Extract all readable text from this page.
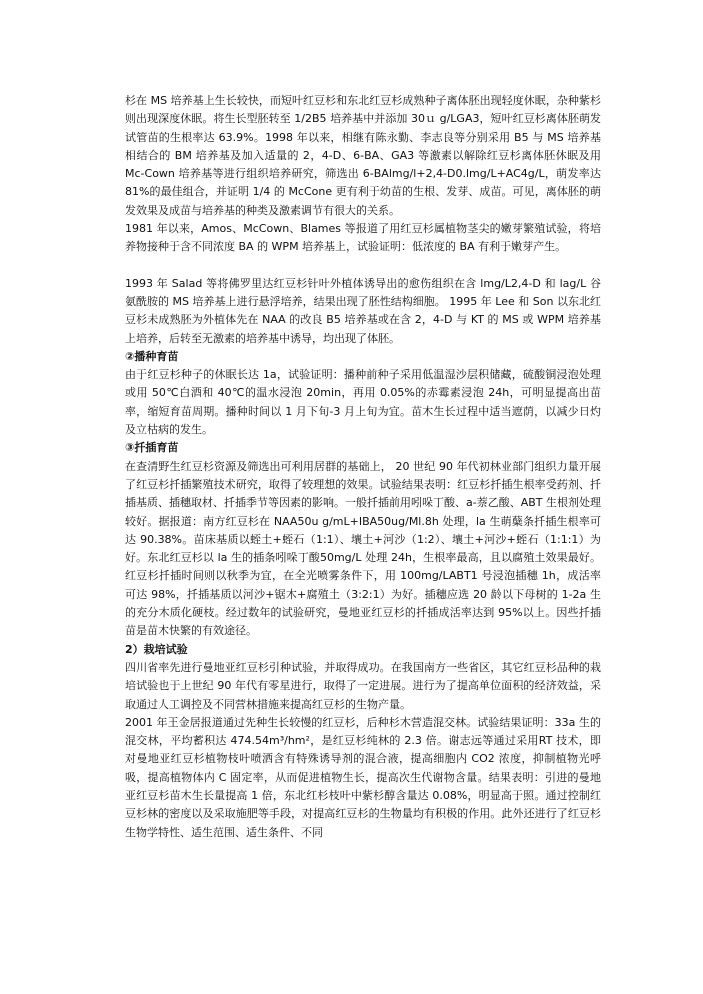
杉在 MS 培养基上生长较快，而短叶红豆杉和东北红豆杉成熟种子离体胚出现轻度休眠，杂种紫杉则出现深度休眠。将生长型胚转至 1/2B5 培养基中并添加 30ｕ g/LGA3，短叶红豆杉离体胚萌发试管苗的生根率达 63.9%。1998 年以来，相继有陈永勤、李志良等分别采用 B5 与 MS 培养基相结合的 BM 培养基及加入适量的 2，4-D、6-BA、GA3 等激素以解除红豆杉离体胚休眠及用 Mc-Cown 培养基等进行组织培养研究，筛选出 6-BAlmg/l+2,4-D0.lmg/L+AC4g/L，萌发率达 81%的最佳组合，并证明 1/4 的 McCone 更有利于幼苗的生根、发芽、成苗。可见，离体胚的萌发效果及成苗与培养基的种类及激素调节有很大的关系。

1981 年以来，Amos、McCown、Blames 等报道了用红豆杉属植物茎尖的嫩芽繁殖试验，将培养物接种于含不同浓度 BA 的 WPM 培养基上，试验证明：低浓度的 BA 有利于嫩芽产生。

1993 年 Salad 等将佛罗里达红豆杉针叶外植体诱导出的愈伤组织在含 lmg/L2,4-D 和 lag/L 谷氨酰胺的 MS 培养基上进行悬浮培养，结果出现了胚性结构细胞。 1995 年 Lee 和 Son 以东北红豆杉未成熟胚为外植体先在 NAA 的改良 B5 培养基或在含 2，4-D 与 KT 的 MS 或 WPM 培养基上培养，后转至无激素的培养基中诱导，均出现了体胚。

②播种育苗

由于红豆杉种子的休眠长达 1a，试验证明：播种前种子采用低温湿沙层积储藏，硫酸铜浸泡处理或用 50℃白酒和 40℃的温水浸泡 20min，再用 0.05%的赤霉素浸泡 24h，可明显提高出苗率，缩短育苗周期。播种时间以 1 月下旬-3 月上旬为宜。苗木生长过程中适当遮荫，以减少日灼及立枯病的发生。

③扦插育苗

在查清野生红豆杉资源及筛选出可利用居群的基础上， 20 世纪 90 年代初林业部门组织力量开展了红豆杉扦插繁殖技术研究，取得了较理想的效果。试验结果表明：红豆杉扦插生根率受药剂、扦插基质、插穗取材、扦插季节等因素的影响。一般扦插前用吲哚丁酸、a-萘乙酸、ABT 生根剂处理较好。据报道：南方红豆杉在 NAA50u g/mL+IBA50ug/Ml.8h 处理，la 生萌蘖条扦插生根率可达 90.38%。苗床基质以蛭土+蛭石（1:1）、壤土+河沙（1:2）、壤土+河沙+蛭石（1:1:1）为好。东北红豆杉以 la 生的插条吲哚丁酸50mg/L 处理 24h，生根率最高，且以腐殖土效果最好。红豆杉扦插时间则以秋季为宜，在全光喷雾条件下，用 100mg/LABT1 号浸泡插穗 1h，成活率可达 98%，扦插基质以河沙+锯木+腐殖土（3:2:1）为好。插穗应选 20 龄以下母树的 1-2a 生的充分木质化硬枝。经过数年的试验研究，曼地亚红豆杉的扦插成活率达到 95%以上。因些扦插苗是苗木快繁的有效途径。

2）栽培试验

四川省率先进行曼地亚红豆杉引种试验，并取得成功。在我国南方一些省区，其它红豆杉品种的栽培试验也于上世纪 90 年代有零星进行，取得了一定进展。进行为了提高单位面积的经济效益，采取通过人工调控及不同营林措施来提高红豆杉的生物产量。

2001 年王金居报道通过先种生长较慢的红豆杉，后种杉木营造混交林。试验结果证明：33a 生的混交林，平均蓄积达 474.54m³/hm²，是红豆杉纯林的 2.3 倍。谢志远等通过采用RT 技术，即对曼地亚红豆杉植物枝叶喷洒含有特殊诱导剂的混合液，提高细胞内 CO2 浓度，抑制植物光呼吸，提高植物体内 C 固定率，从而促进植物生长，提高次生代谢物含量。结果表明：引进的曼地亚红豆杉苗木生长量提高 1 倍，东北红杉枝叶中紫杉醇含量达 0.08%，明显高于照。通过控制红豆杉林的密度以及采取施肥等手段，对提高红豆杉的生物量均有积极的作用。此外还进行了红豆杉生物学特性、适生范围、适生条件、不同
